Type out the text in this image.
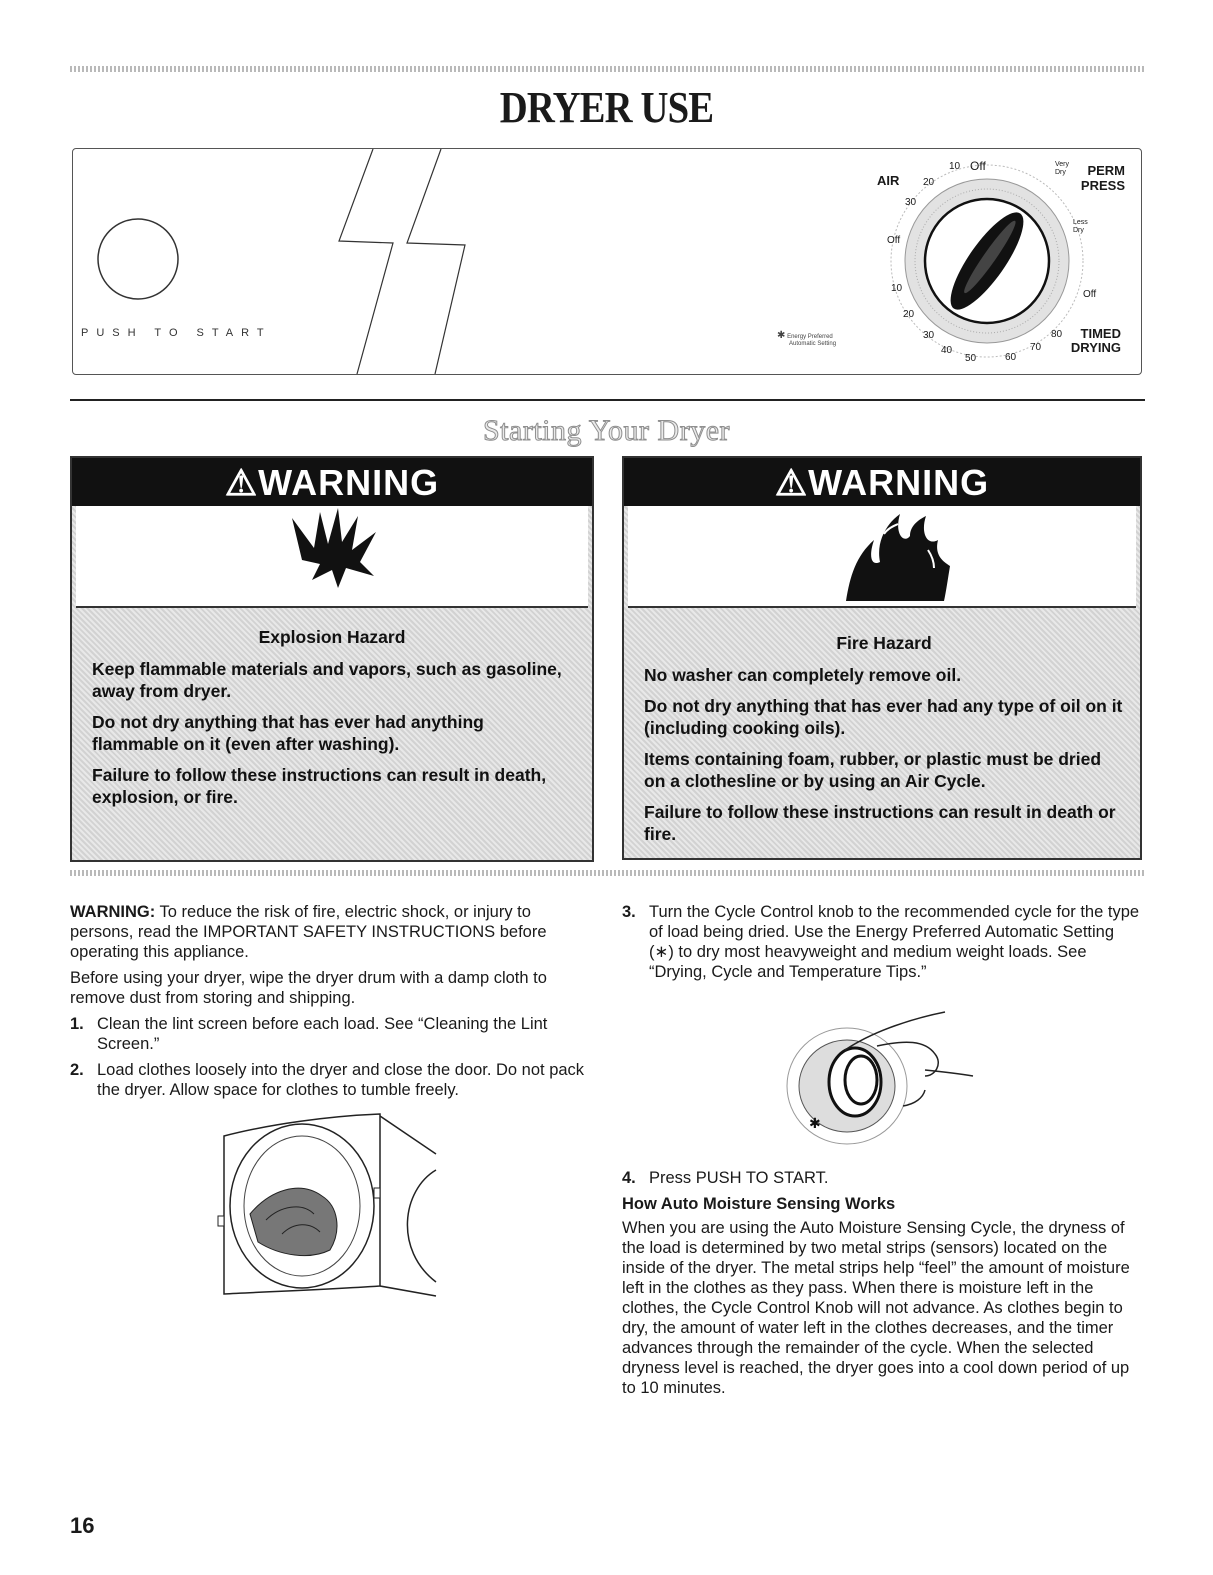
DRYER USE
PUSH TO START	✱ Energy Preferred
Automatic Setting
AIR
Off	Very Dry	PERM PRESS
Less Dry
Off
Off
TIMED DRYING
10
20
30
10
20
30
40
50	60
70
80
Starting Your Dryer
⚠WARNING

Explosion Hazard

Keep flammable materials and vapors, such as gasoline, away from dryer.

Do not dry anything that has ever had anything flammable on it (even after washing).

Failure to follow these instructions can result in death, explosion, or fire.

⚠WARNING

Fire Hazard

No washer can completely remove oil.

Do not dry anything that has ever had any type of oil on it (including cooking oils).

Items containing foam, rubber, or plastic must be dried on a clothesline or by using an Air Cycle.

Failure to follow these instructions can result in death or fire.

WARNING: To reduce the risk of fire, electric shock, or injury to persons, read the IMPORTANT SAFETY INSTRUCTIONS before operating this appliance.

Before using your dryer, wipe the dryer drum with a damp cloth to remove dust from storing and shipping.

1. Clean the lint screen before each load. See “Cleaning the Lint Screen.”
2. Load clothes loosely into the dryer and close the door. Do not pack the dryer. Allow space for clothes to tumble freely.
3. Turn the Cycle Control knob to the recommended cycle for the type of load being dried. Use the Energy Preferred Automatic Setting (∗) to dry most heavyweight and medium weight loads. See “Drying, Cycle and Temperature Tips.”
✱
4. Press PUSH TO START.

How Auto Moisture Sensing Works

When you are using the Auto Moisture Sensing Cycle, the dryness of the load is determined by two metal strips (sensors) located on the inside of the dryer. The metal strips help “feel” the amount of moisture left in the clothes as they pass. When there is moisture left in the clothes, the Cycle Control Knob will not advance. As clothes begin to dry, the amount of water left in the clothes decreases, and the timer advances through the remainder of the cycle. When the selected dryness level is reached, the dryer goes into a cool down period of up to 10 minutes.

16
